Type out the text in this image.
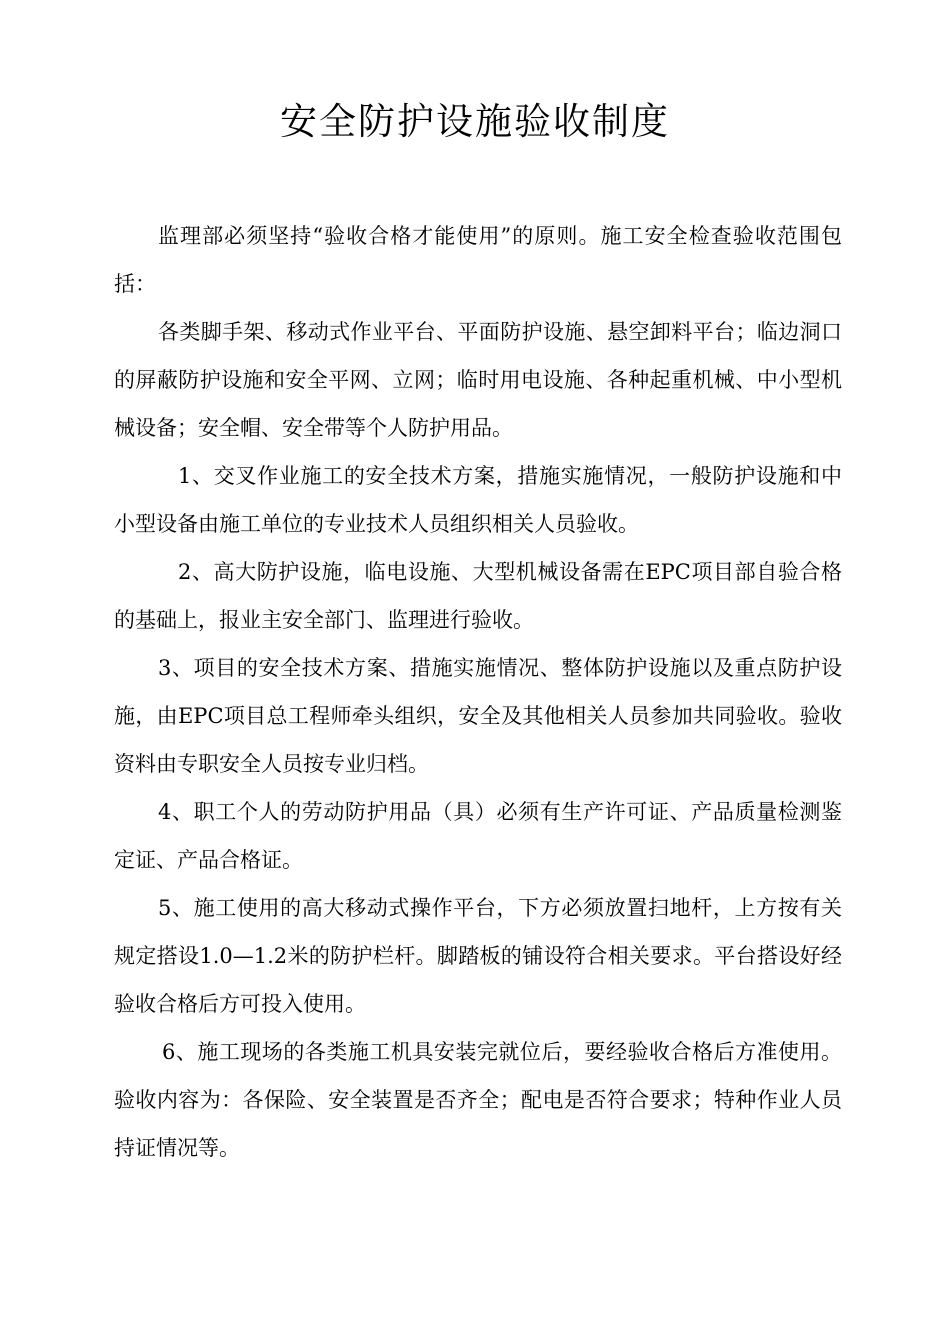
安全防护设施验收制度

监理部必须坚持“验收合格才能使用”的原则。施工安全检查验收范围包括：

各类脚手架、移动式作业平台、平面防护设施、悬空卸料平台；临边洞口的屏蔽防护设施和安全平网、立网；临时用电设施、各种起重机械、中小型机械设备；安全帽、安全带等个人防护用品。

1、交叉作业施工的安全技术方案，措施实施情况，一般防护设施和中小型设备由施工单位的专业技术人员组织相关人员验收。

2、高大防护设施，临电设施、大型机械设备需在EPC项目部自验合格的基础上，报业主安全部门、监理进行验收。

3、项目的安全技术方案、措施实施情况、整体防护设施以及重点防护设施，由EPC项目总工程师牵头组织，安全及其他相关人员参加共同验收。验收资料由专职安全人员按专业归档。

4、职工个人的劳动防护用品（具）必须有生产许可证、产品质量检测鉴定证、产品合格证。

5、施工使用的高大移动式操作平台，下方必须放置扫地杆，上方按有关规定搭设1.0—1.2米的防护栏杆。脚踏板的铺设符合相关要求。平台搭设好经验收合格后方可投入使用。

6、施工现场的各类施工机具安装完就位后，要经验收合格后方准使用。验收内容为：各保险、安全装置是否齐全；配电是否符合要求；特种作业人员持证情况等。
